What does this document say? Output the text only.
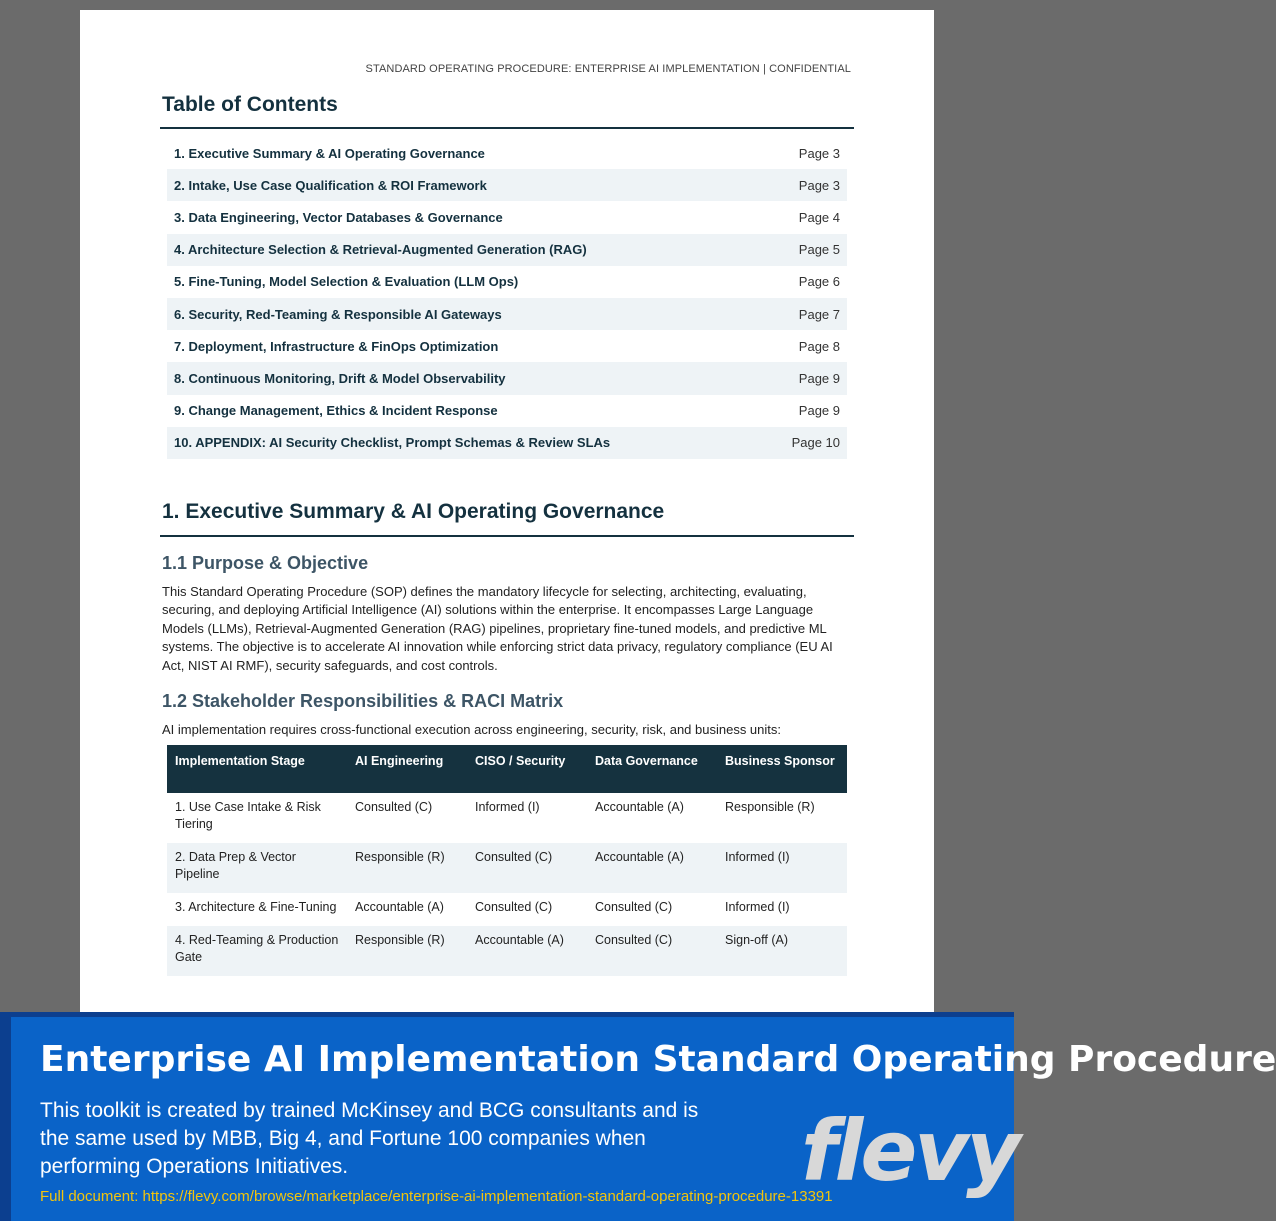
STANDARD OPERATING PROCEDURE: ENTERPRISE AI IMPLEMENTATION | CONFIDENTIAL
Table of Contents
1. Executive Summary & AI Operating Governance	Page 3
2. Intake, Use Case Qualification & ROI Framework	Page 3
3. Data Engineering, Vector Databases & Governance	Page 4
4. Architecture Selection & Retrieval-Augmented Generation (RAG)	Page 5
5. Fine-Tuning, Model Selection & Evaluation (LLM Ops)	Page 6
6. Security, Red-Teaming & Responsible AI Gateways	Page 7
7. Deployment, Infrastructure & FinOps Optimization	Page 8
8. Continuous Monitoring, Drift & Model Observability	Page 9
9. Change Management, Ethics & Incident Response	Page 9
10. APPENDIX: AI Security Checklist, Prompt Schemas & Review SLAs	Page 10
1. Executive Summary & AI Operating Governance
1.1 Purpose & Objective
This Standard Operating Procedure (SOP) defines the mandatory lifecycle for selecting, architecting, evaluating, securing, and deploying Artificial Intelligence (AI) solutions within the enterprise. It encompasses Large Language Models (LLMs), Retrieval-Augmented Generation (RAG) pipelines, proprietary fine-tuned models, and predictive ML systems. The objective is to accelerate AI innovation while enforcing strict data privacy, regulatory compliance (EU AI Act, NIST AI RMF), security safeguards, and cost controls.
1.2 Stakeholder Responsibilities & RACI Matrix
AI implementation requires cross-functional execution across engineering, security, risk, and business units:
Implementation Stage	AI Engineering	CISO / Security	Data Governance	Business Sponsor
1. Use Case Intake & Risk Tiering	Consulted (C)	Informed (I)	Accountable (A)	Responsible (R)
2. Data Prep & Vector Pipeline	Responsible (R)	Consulted (C)	Accountable (A)	Informed (I)
3. Architecture & Fine-Tuning	Accountable (A)	Consulted (C)	Consulted (C)	Informed (I)
4. Red-Teaming & Production Gate	Responsible (R)	Accountable (A)	Consulted (C)	Sign-off (A)
Enterprise AI Implementation Standard Operating Procedure
This toolkit is created by trained McKinsey and BCG consultants and is the same used by MBB, Big 4, and Fortune 100 companies when performing Operations Initiatives.
Full document: https://flevy.com/browse/marketplace/enterprise-ai-implementation-standard-operating-procedure-13391
flevy
